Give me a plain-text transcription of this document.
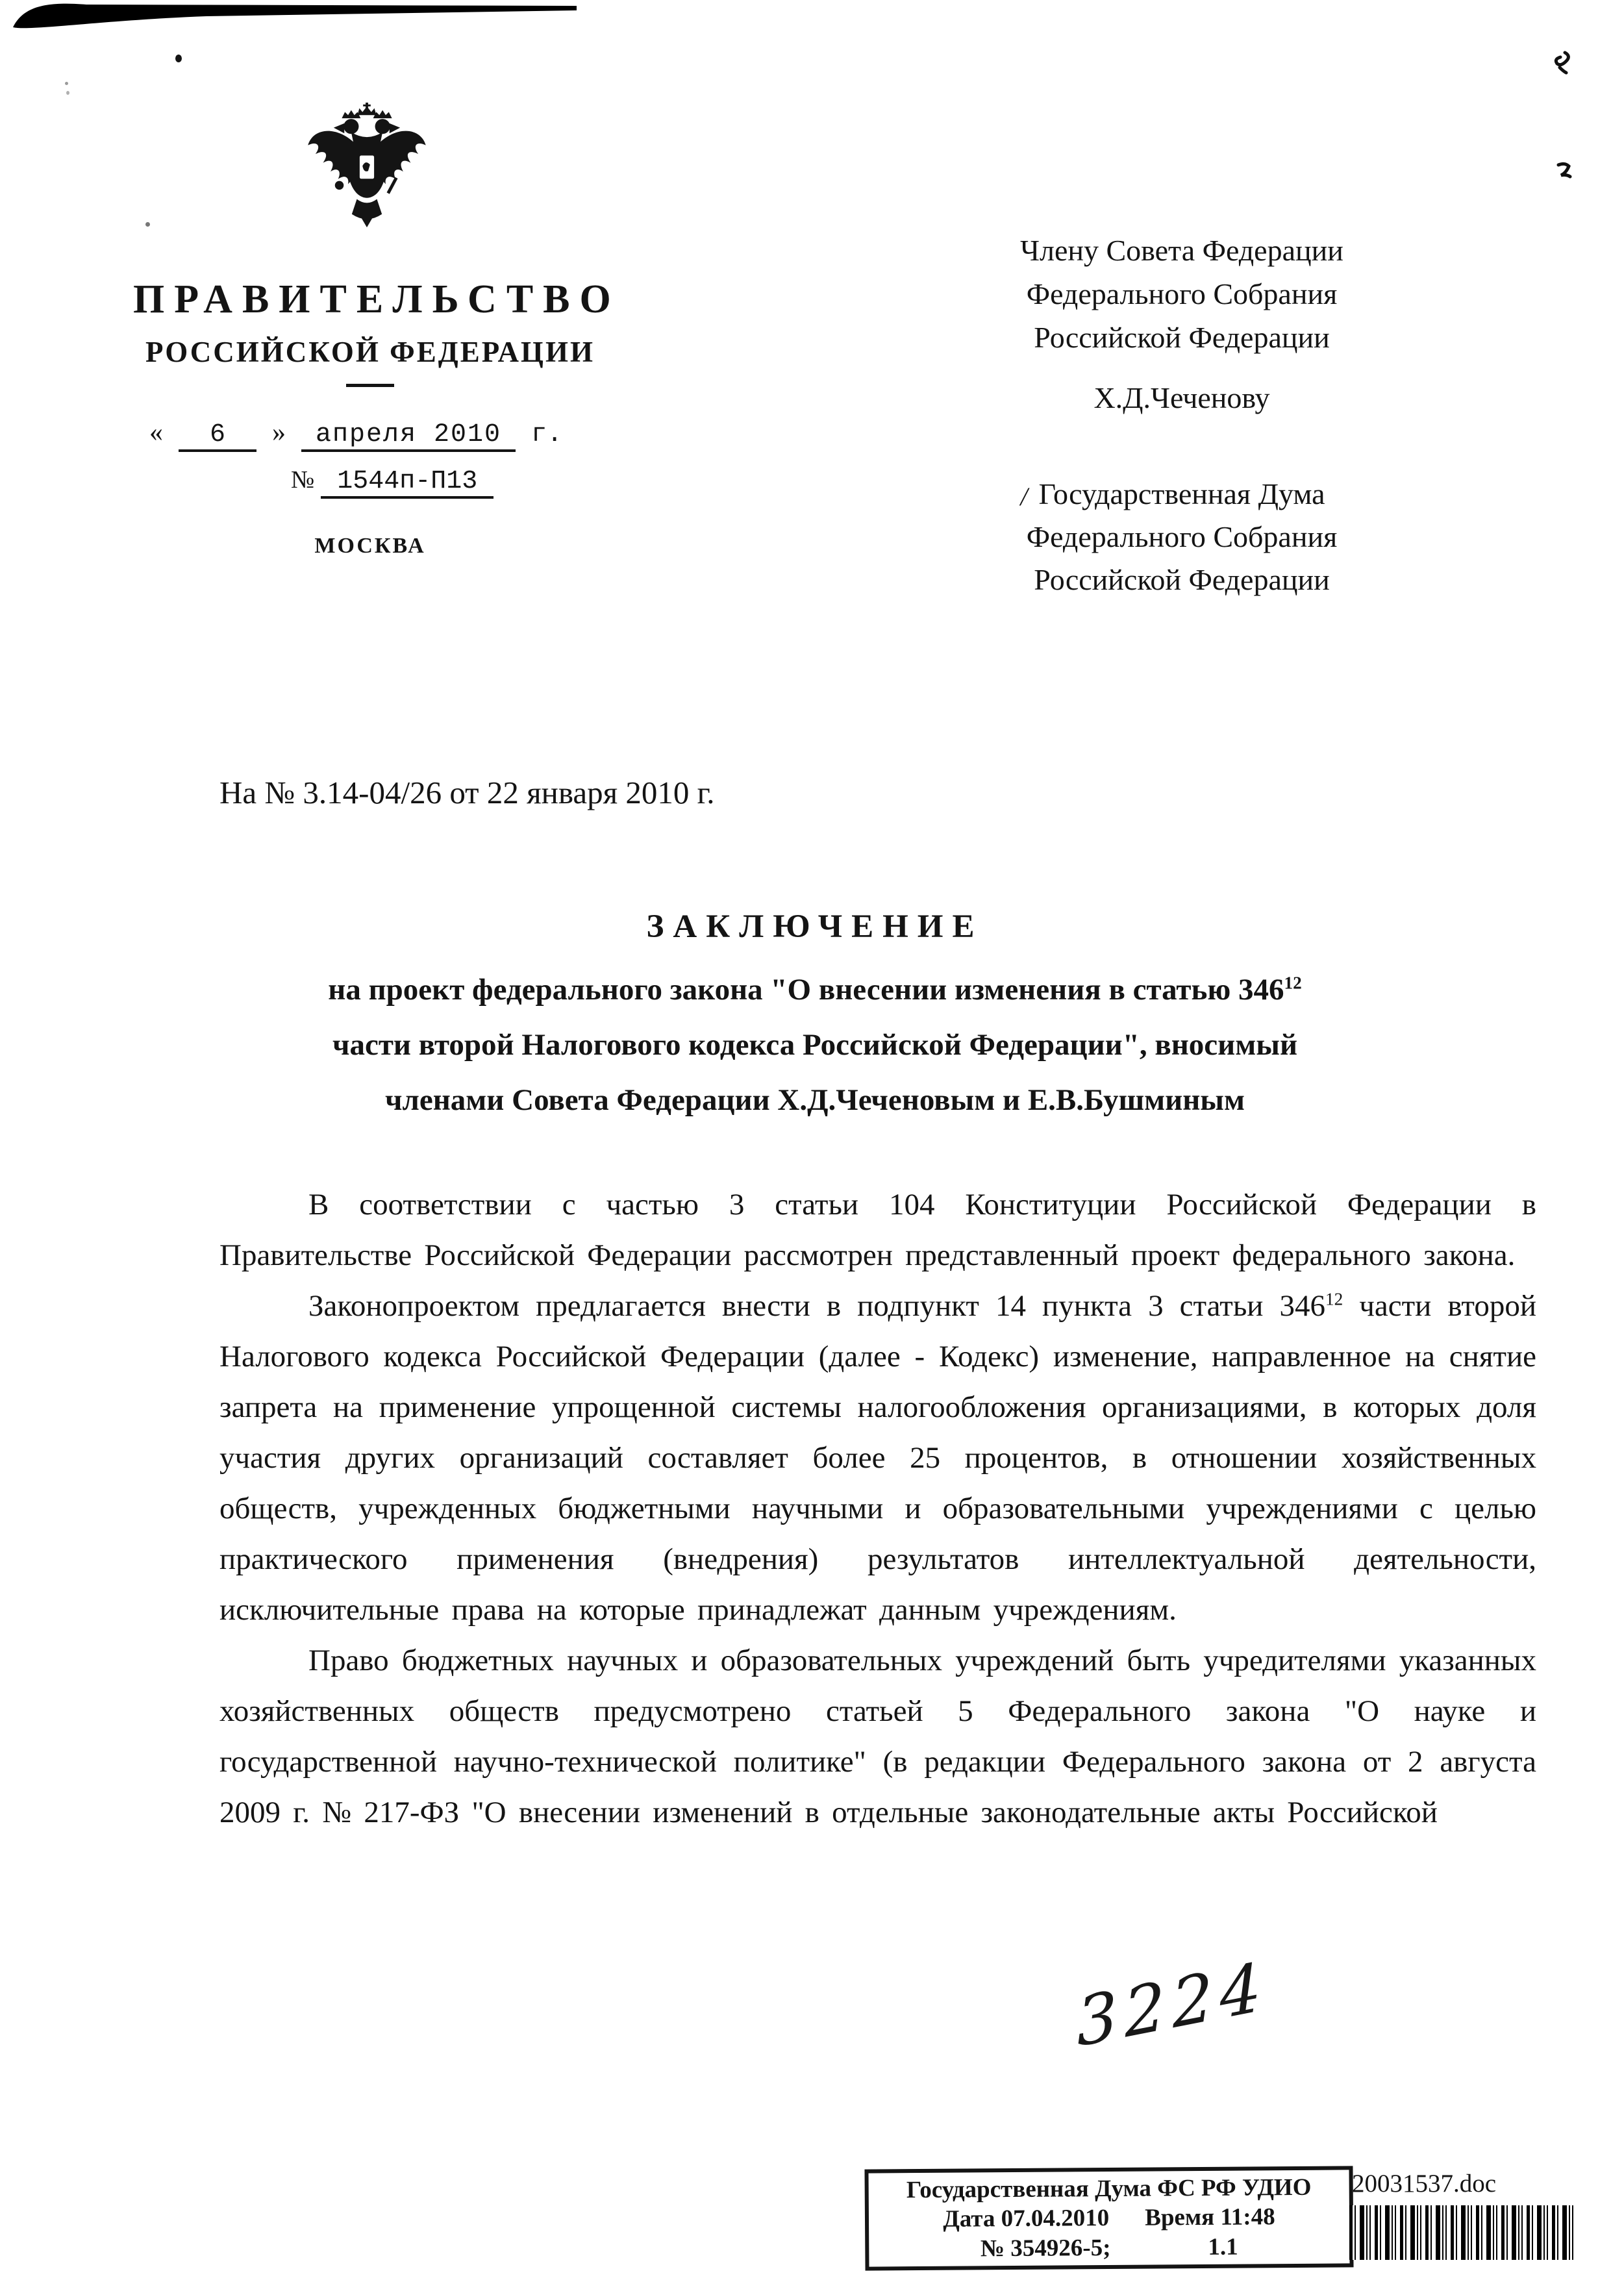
ПРАВИТЕЛЬСТВО
РОССИЙСКОЙ ФЕДЕРАЦИИ
« 6 » апреля 2010 г.
№ 1544п-П13
МОСКВА
Члену Совета Федерации
Федерального Собрания
Российской Федерации
Х.Д.Чеченову
/ Государственная Дума
Федерального Собрания
Российской Федерации
На № 3.14-04/26 от 22 января 2010 г.
ЗАКЛЮЧЕНИЕ
на проект федерального закона "О внесении изменения в статью $346^{12}$
части второй Налогового кодекса Российской Федерации", вносимый
членами Совета Федерации Х.Д.Чеченовым и Е.В.Бушминым

В соответствии с частью 3 статьи 104 Конституции Российской Федерации в Правительстве Российской Федерации рассмотрен представленный проект федерального закона.

Законопроектом предлагается внести в подпункт 14 пункта 3 статьи $346^{12}$ части второй Налогового кодекса Российской Федерации (далее - Кодекс) изменение, направленное на снятие запрета на применение упрощенной системы налогообложения организациями, в которых доля участия других организаций составляет более 25 процентов, в отношении хозяйственных обществ, учрежденных бюджетными научными и образовательными учреждениями с целью практического применения (внедрения) результатов интеллектуальной деятельности, исключительные права на которые принадлежат данным учреждениям.

Право бюджетных научных и образовательных учреждений быть учредителями указанных хозяйственных обществ предусмотрено статьей 5 Федерального закона "О науке и государственной научно-технической политике" (в редакции Федерального закона от 2 августа 2009 г. № 217-ФЗ "О внесении изменений в отдельные законодательные акты Российской

3224
Государственная Дума ФС РФ УДИО
Дата 07.04.2010 Время 11:48
№ 354926-5;	1.1
20031537.doc
